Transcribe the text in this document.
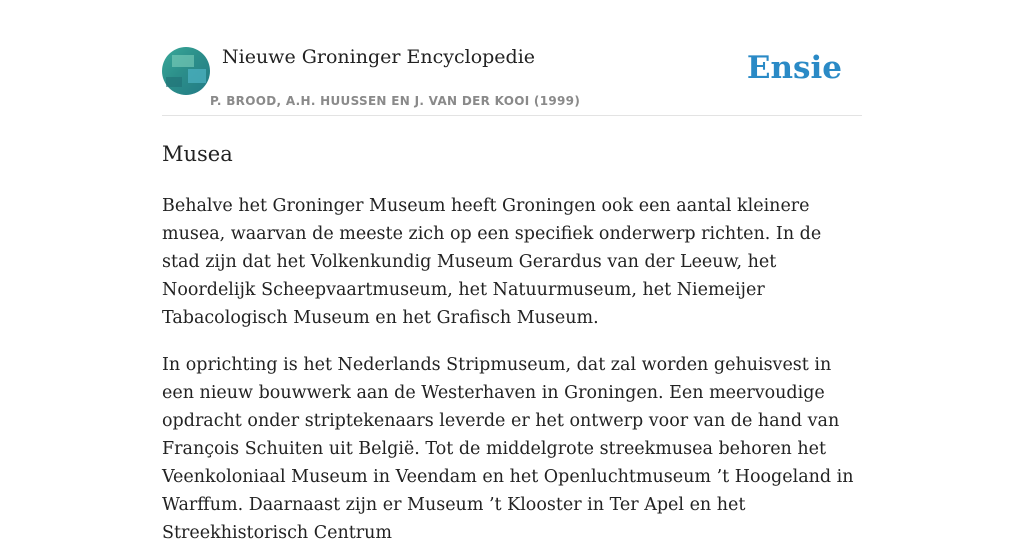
Nieuwe Groninger Encyclopedie
P. BROOD, A.H. HUUSSEN EN J. VAN DER KOOI (1999)
Ensie
Musea

Behalve het Groninger Museum heeft Groningen ook een aantal kleinere musea, waarvan de meeste zich op een specifiek onderwerp richten. In de stad zijn dat het Volkenkundig Museum Gerardus van der Leeuw, het Noordelijk Scheepvaartmuseum, het Natuurmuseum, het Niemeijer Tabacologisch Museum en het Grafisch Museum.

In oprichting is het Nederlands Stripmuseum, dat zal worden gehuisvest in een nieuw bouwwerk aan de Westerhaven in Groningen. Een meervoudige opdracht onder striptekenaars leverde er het ontwerp voor van de hand van François Schuiten uit België. Tot de middelgrote streekmusea behoren het Veenkoloniaal Museum in Veendam en het Openluchtmuseum ’t Hoogeland in Warffum. Daarnaast zijn er Museum ’t Klooster in Ter Apel en het Streekhistorisch Centrum
